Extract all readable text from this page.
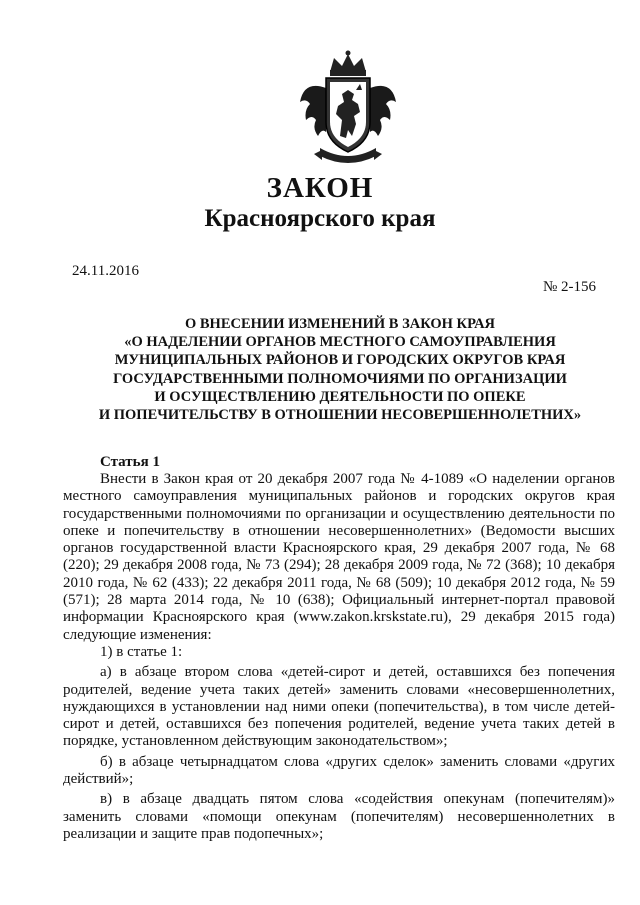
ЗАКОН
Красноярского края
24.11.2016
№ 2-156
О ВНЕСЕНИИ ИЗМЕНЕНИЙ В ЗАКОН КРАЯ
«О НАДЕЛЕНИИ ОРГАНОВ МЕСТНОГО САМОУПРАВЛЕНИЯ
МУНИЦИПАЛЬНЫХ РАЙОНОВ И ГОРОДСКИХ ОКРУГОВ КРАЯ
ГОСУДАРСТВЕННЫМИ ПОЛНОМОЧИЯМИ ПО ОРГАНИЗАЦИИ
И ОСУЩЕСТВЛЕНИЮ ДЕЯТЕЛЬНОСТИ ПО ОПЕКЕ
И ПОПЕЧИТЕЛЬСТВУ В ОТНОШЕНИИ НЕСОВЕРШЕННОЛЕТНИХ»
Статья 1

Внести в Закон края от 20 декабря 2007 года № 4-1089 «О наделении органов местного самоуправления муниципальных районов и городских округов края государственными полномочиями по организации и осуществлению деятельности по опеке и попечительству в отношении несовершеннолетних» (Ведомости высших органов государственной власти Красноярского края, 29 декабря 2007 года, № 68 (220); 29 декабря 2008 года, № 73 (294); 28 декабря 2009 года, № 72 (368); 10 декабря 2010 года, № 62 (433); 22 декабря 2011 года, № 68 (509); 10 декабря 2012 года, № 59 (571); 28 марта 2014 года, № 10 (638); Официальный интернет-портал правовой информации Красноярского края (www.zakon.krskstate.ru), 29 декабря 2015 года) следующие изменения:

1) в статье 1:

а) в абзаце втором слова «детей-сирот и детей, оставшихся без попечения родителей, ведение учета таких детей» заменить словами «несовершеннолетних, нуждающихся в установлении над ними опеки (попечительства), в том числе детей-сирот и детей, оставшихся без попечения родителей, ведение учета таких детей в порядке, установленном действующим законодательством»;

б) в абзаце четырнадцатом слова «других сделок» заменить словами «других действий»;

в) в абзаце двадцать пятом слова «содействия опекунам (попечителям)» заменить словами «помощи опекунам (попечителям) несовершеннолетних в реализации и защите прав подопечных»;
